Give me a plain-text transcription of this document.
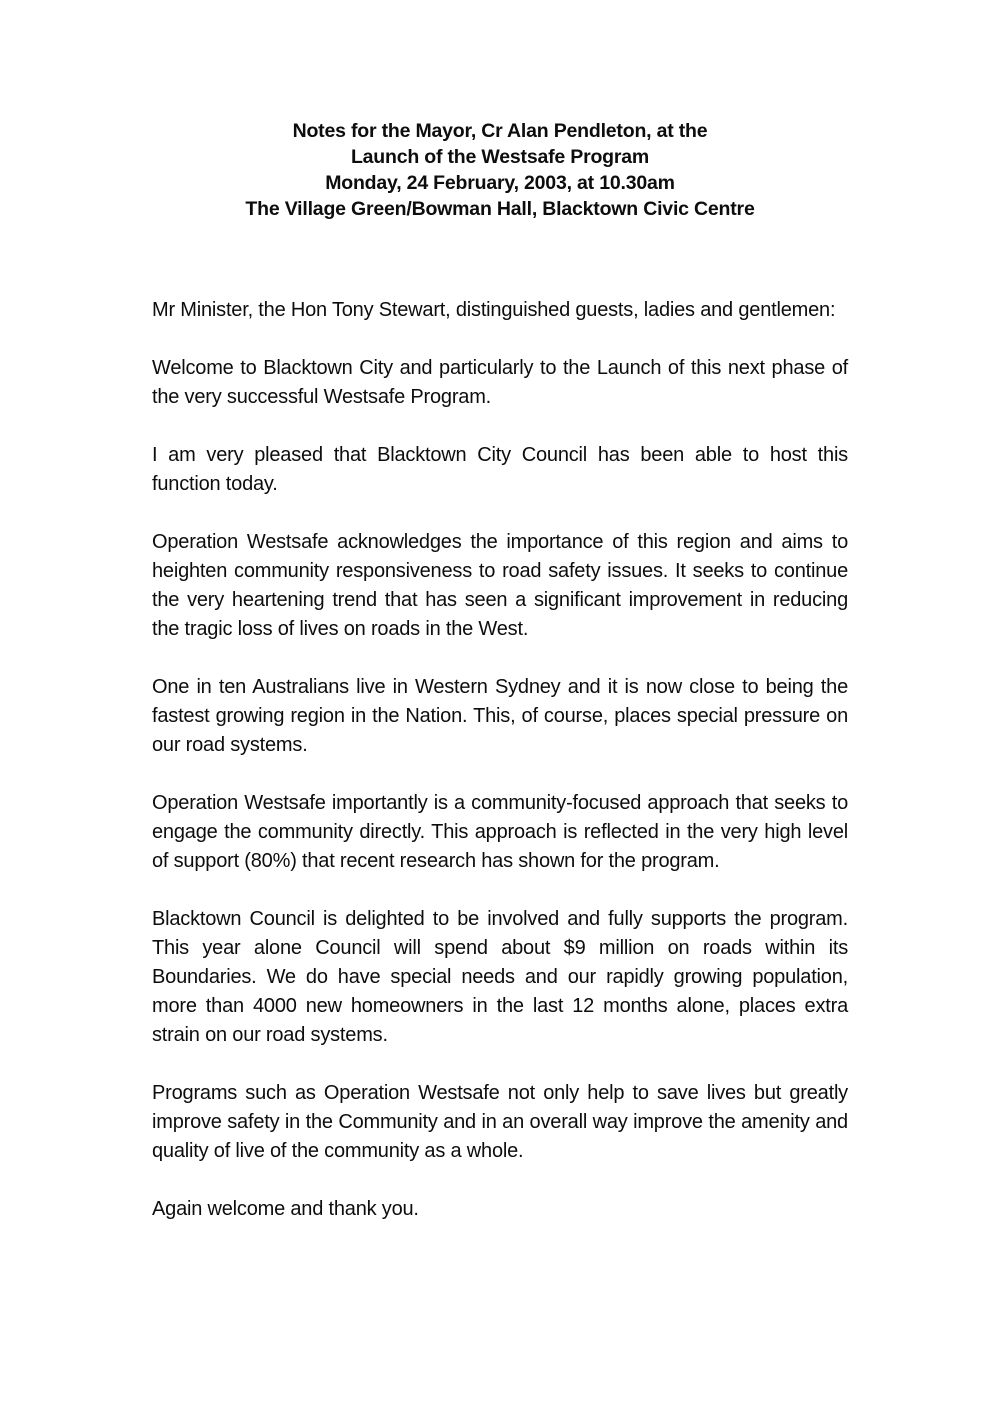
Notes for the Mayor, Cr Alan Pendleton, at the
Launch of the Westsafe Program
Monday, 24 February, 2003, at 10.30am
The Village Green/Bowman Hall, Blacktown Civic Centre

Mr Minister, the Hon Tony Stewart, distinguished guests, ladies and gentlemen:

Welcome to Blacktown City and particularly to the Launch of this next phase of the very successful Westsafe Program.

I am very pleased that Blacktown City Council has been able to host this function today.

Operation Westsafe acknowledges the importance of this region and aims to heighten community responsiveness to road safety issues. It seeks to continue the very heartening trend that has seen a significant improvement in reducing the tragic loss of lives on roads in the West.

One in ten Australians live in Western Sydney and it is now close to being the fastest growing region in the Nation. This, of course, places special pressure on our road systems.

Operation Westsafe importantly is a community-focused approach that seeks to engage the community directly. This approach is reflected in the very high level of support (80%) that recent research has shown for the program.

Blacktown Council is delighted to be involved and fully supports the program. This year alone Council will spend about $9 million on roads within its Boundaries. We do have special needs and our rapidly growing population, more than 4000 new homeowners in the last 12 months alone, places extra strain on our road systems.

Programs such as Operation Westsafe not only help to save lives but greatly improve safety in the Community and in an overall way improve the amenity and quality of live of the community as a whole.

Again welcome and thank you.
